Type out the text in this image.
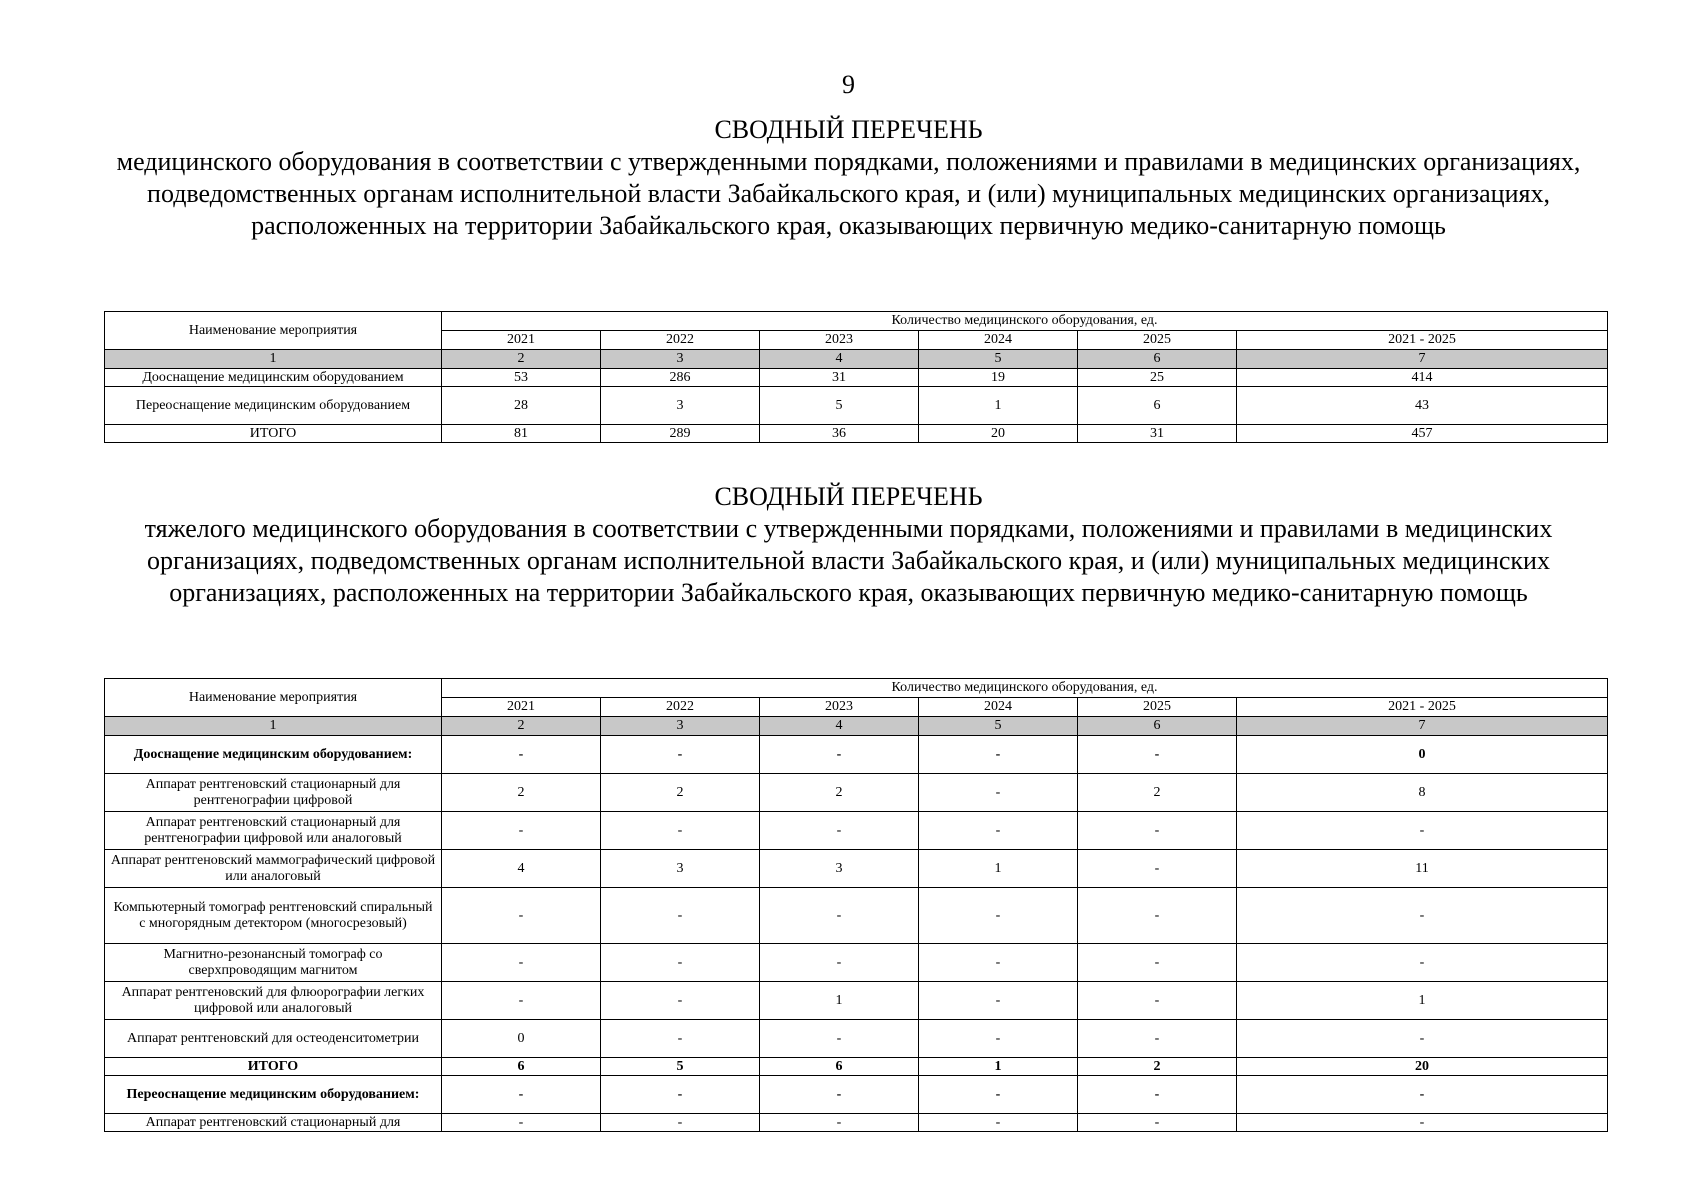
9
СВОДНЫЙ ПЕРЕЧЕНЬ
медицинского оборудования в соответствии с утвержденными порядками, положениями и правилами в медицинских организациях, подведомственных органам исполнительной власти Забайкальского края, и (или) муниципальных медицинских организациях, расположенных на территории Забайкальского края, оказывающих первичную медико-санитарную помощь
Наименование мероприятия	Количество медицинского оборудования, ед.					
	2021	2022	2023	2024	2025	2021 - 2025
1	2	3	4	5	6	7
Дооснащение медицинским оборудованием	53	286	31	19	25	414
Переоснащение медицинским оборудованием	28	3	5	1	6	43
ИТОГО	81	289	36	20	31	457
СВОДНЫЙ ПЕРЕЧЕНЬ
тяжелого медицинского оборудования в соответствии с утвержденными порядками, положениями и правилами в медицинских организациях, подведомственных органам исполнительной власти Забайкальского края, и (или) муниципальных медицинских организациях, расположенных на территории Забайкальского края, оказывающих первичную медико-санитарную помощь
Наименование мероприятия	Количество медицинского оборудования, ед.					
	2021	2022	2023	2024	2025	2021 - 2025
1	2	3	4	5	6	7
Дооснащение медицинским оборудованием:	-	-	-	-	-	0
Аппарат рентгеновский стационарный для рентгенографии цифровой	2	2	2	-	2	8
Аппарат рентгеновский стационарный для рентгенографии цифровой или аналоговый	-	-	-	-	-	-
Аппарат рентгеновский маммографический цифровой или аналоговый	4	3	3	1	-	11
Компьютерный томограф рентгеновский спиральный с многорядным детектором (многосрезовый)	-	-	-	-	-	-
Магнитно-резонансный томограф со сверхпроводящим магнитом	-	-	-	-	-	-
Аппарат рентгеновский для флюорографии легких цифровой или аналоговый	-	-	1	-	-	1
Аппарат рентгеновский для остеоденситометрии	0	-	-	-	-	-
ИТОГО	6	5	6	1	2	20
Переоснащение медицинским оборудованием:	-	-	-	-	-	-
Аппарат рентгеновский стационарный для	-	-	-	-	-	-
